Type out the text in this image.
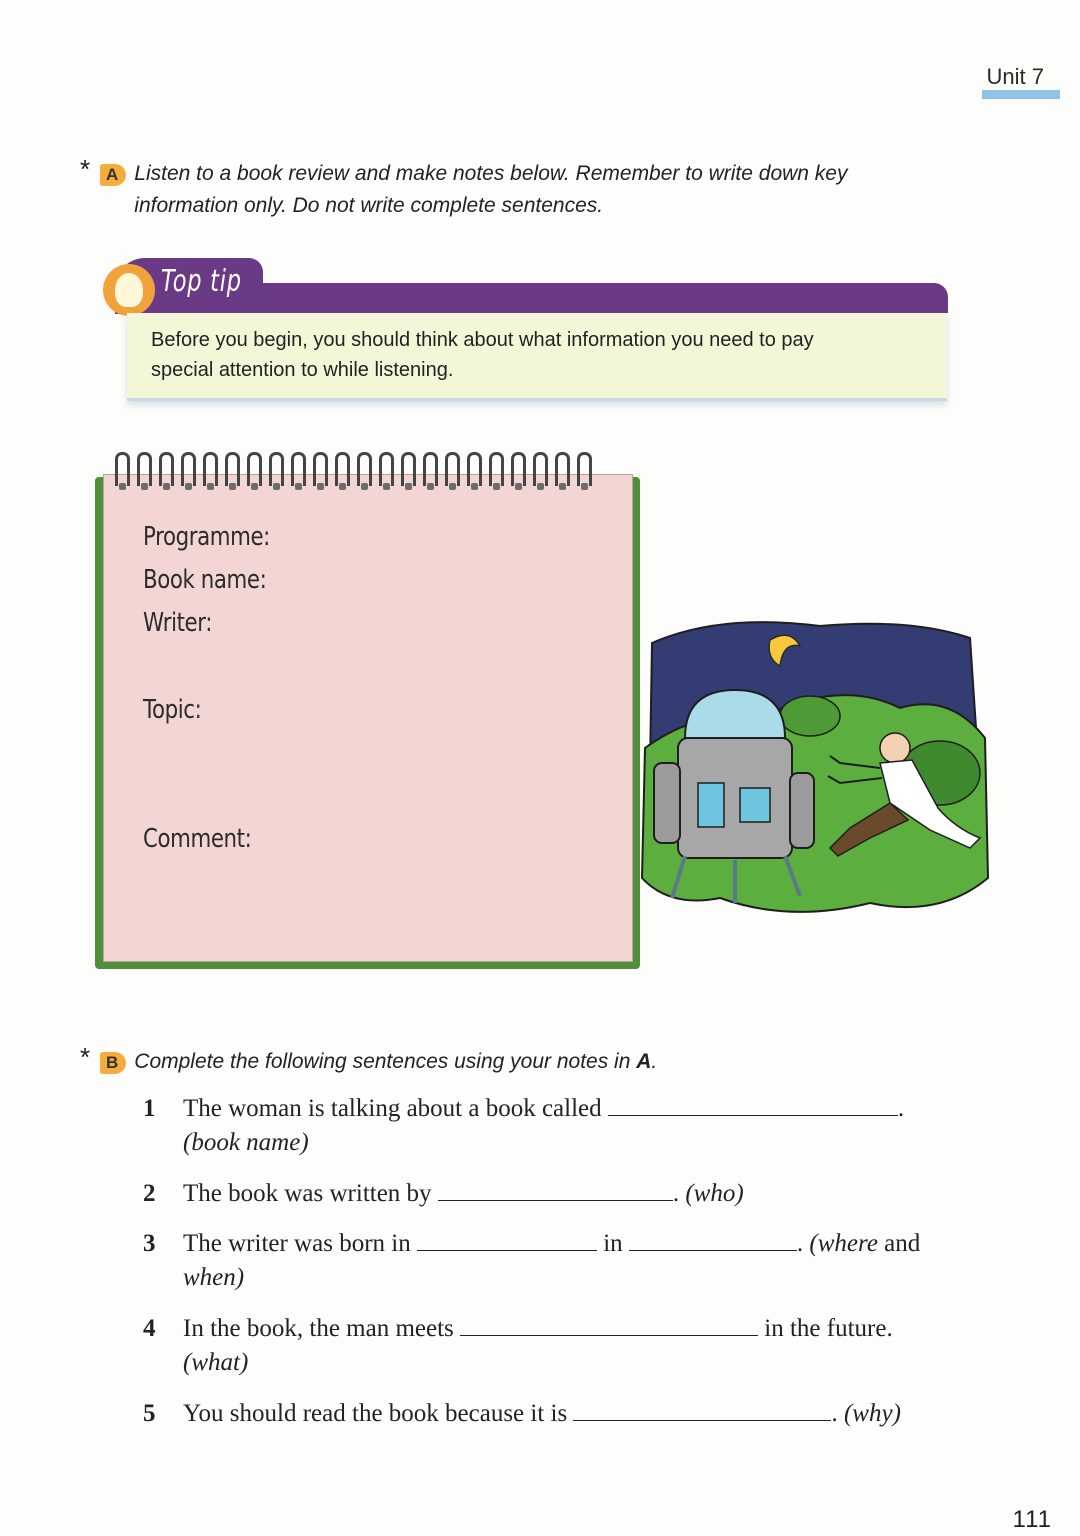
Unit 7
* A Listen to a book review and make notes below. Remember to write down key
information only. Do not write complete sentences.
Top tip
Before you begin, you should think about what information you need to pay
special attention to while listening.
Programme:
Book name:
Writer:
Topic:
Comment:
* B Complete the following sentences using your notes in A.
1 The woman is talking about a book called	.
(book name)
2 The book was written by	. (who)
3 The writer was born in	in	. (where and
when)
4 In the book, the man meets	in the future.
(what)
5 You should read the book because it is	. (why)
111
